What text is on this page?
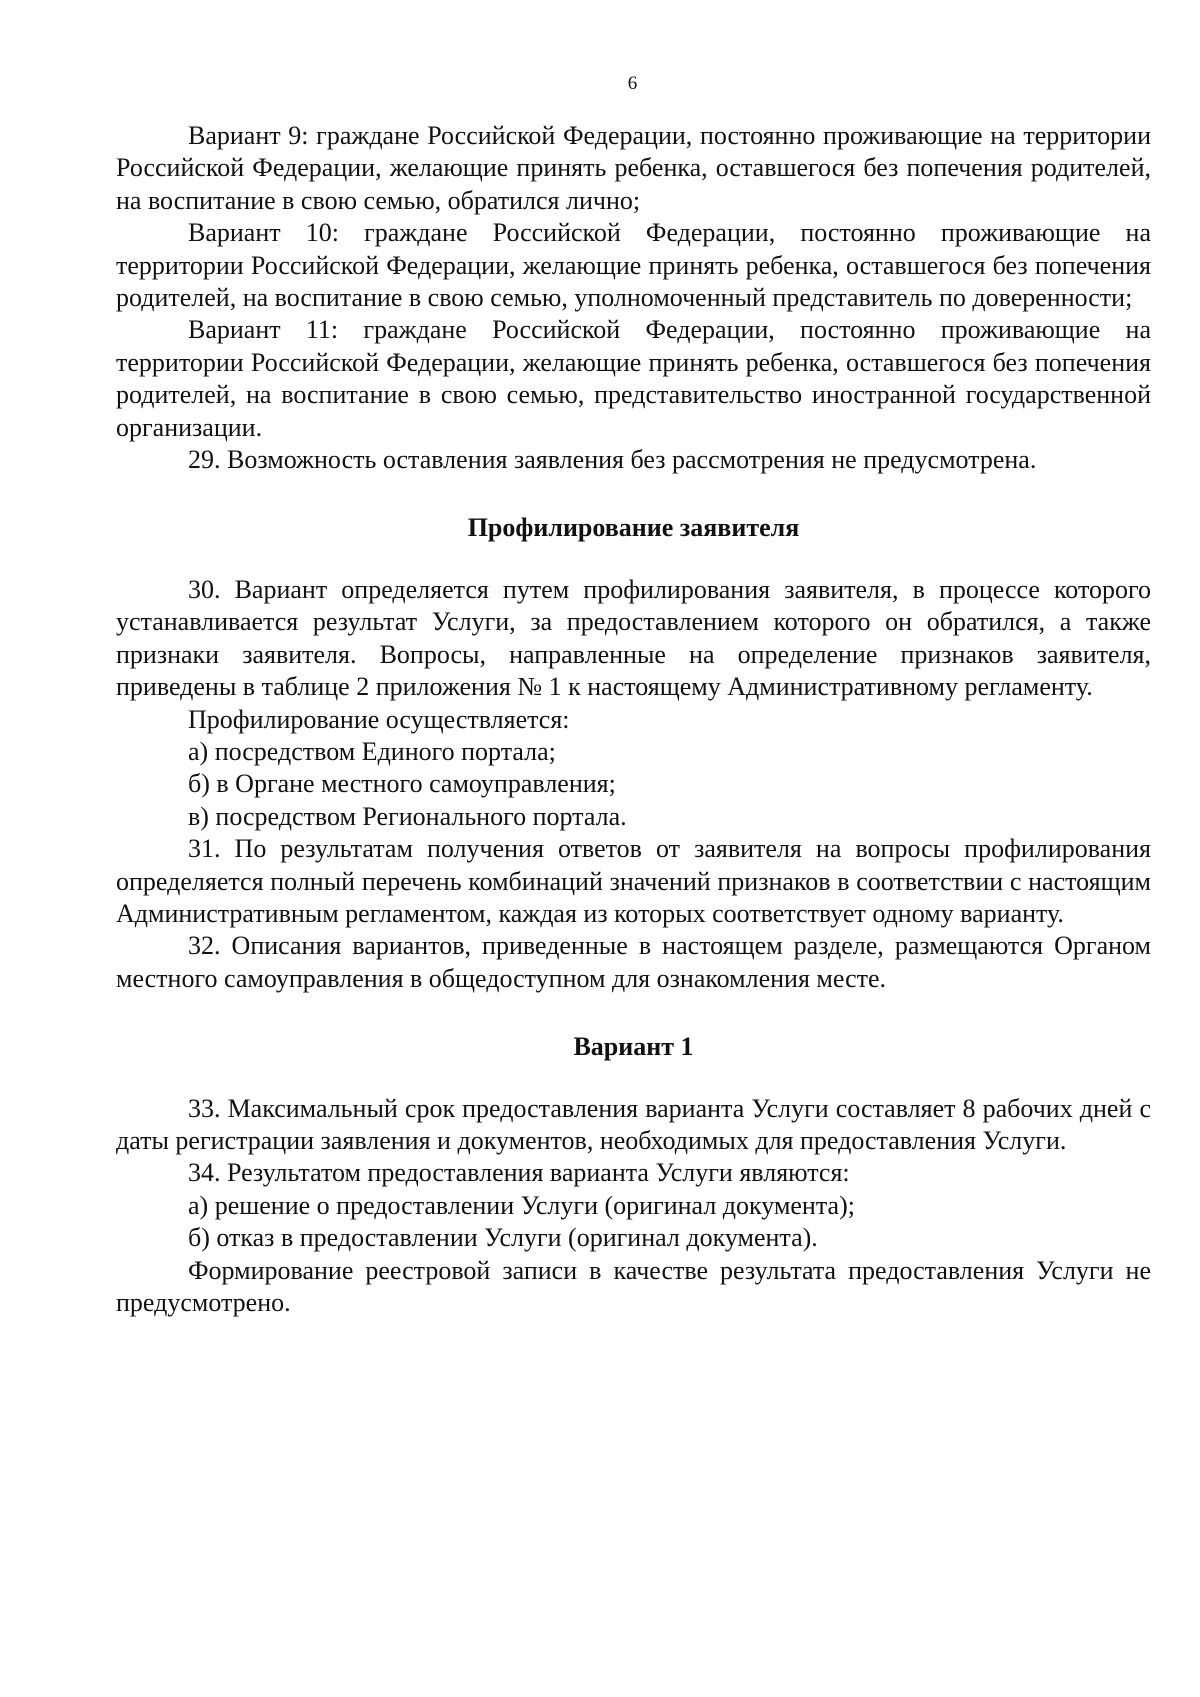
6

Вариант 9: граждане Российской Федерации, постоянно проживающие на территории Российской Федерации, желающие принять ребенка, оставшегося без попечения родителей, на воспитание в свою семью, обратился лично;

Вариант 10: граждане Российской Федерации, постоянно проживающие на территории Российской Федерации, желающие принять ребенка, оставшегося без попечения родителей, на воспитание в свою семью, уполномоченный представитель по доверенности;

Вариант 11: граждане Российской Федерации, постоянно проживающие на территории Российской Федерации, желающие принять ребенка, оставшегося без попечения родителей, на воспитание в свою семью, представительство иностранной государственной организации.

29. Возможность оставления заявления без рассмотрения не предусмотрена.

Профилирование заявителя

30. Вариант определяется путем профилирования заявителя, в процессе которого устанавливается результат Услуги, за предоставлением которого он обратился, а также признаки заявителя. Вопросы, направленные на определение признаков заявителя, приведены в таблице 2 приложения № 1 к настоящему Административному регламенту.

Профилирование осуществляется:

а) посредством Единого портала;

б) в Органе местного самоуправления;

в) посредством Регионального портала.

31. По результатам получения ответов от заявителя на вопросы профилирования определяется полный перечень комбинаций значений признаков в соответствии с настоящим Административным регламентом, каждая из которых соответствует одному варианту.

32. Описания вариантов, приведенные в настоящем разделе, размещаются Органом местного самоуправления в общедоступном для ознакомления месте.

Вариант 1

33. Максимальный срок предоставления варианта Услуги составляет 8 рабочих дней с даты регистрации заявления и документов, необходимых для предоставления Услуги.

34. Результатом предоставления варианта Услуги являются:

а) решение о предоставлении Услуги (оригинал документа);

б) отказ в предоставлении Услуги (оригинал документа).

Формирование реестровой записи в качестве результата предоставления Услуги не предусмотрено.
